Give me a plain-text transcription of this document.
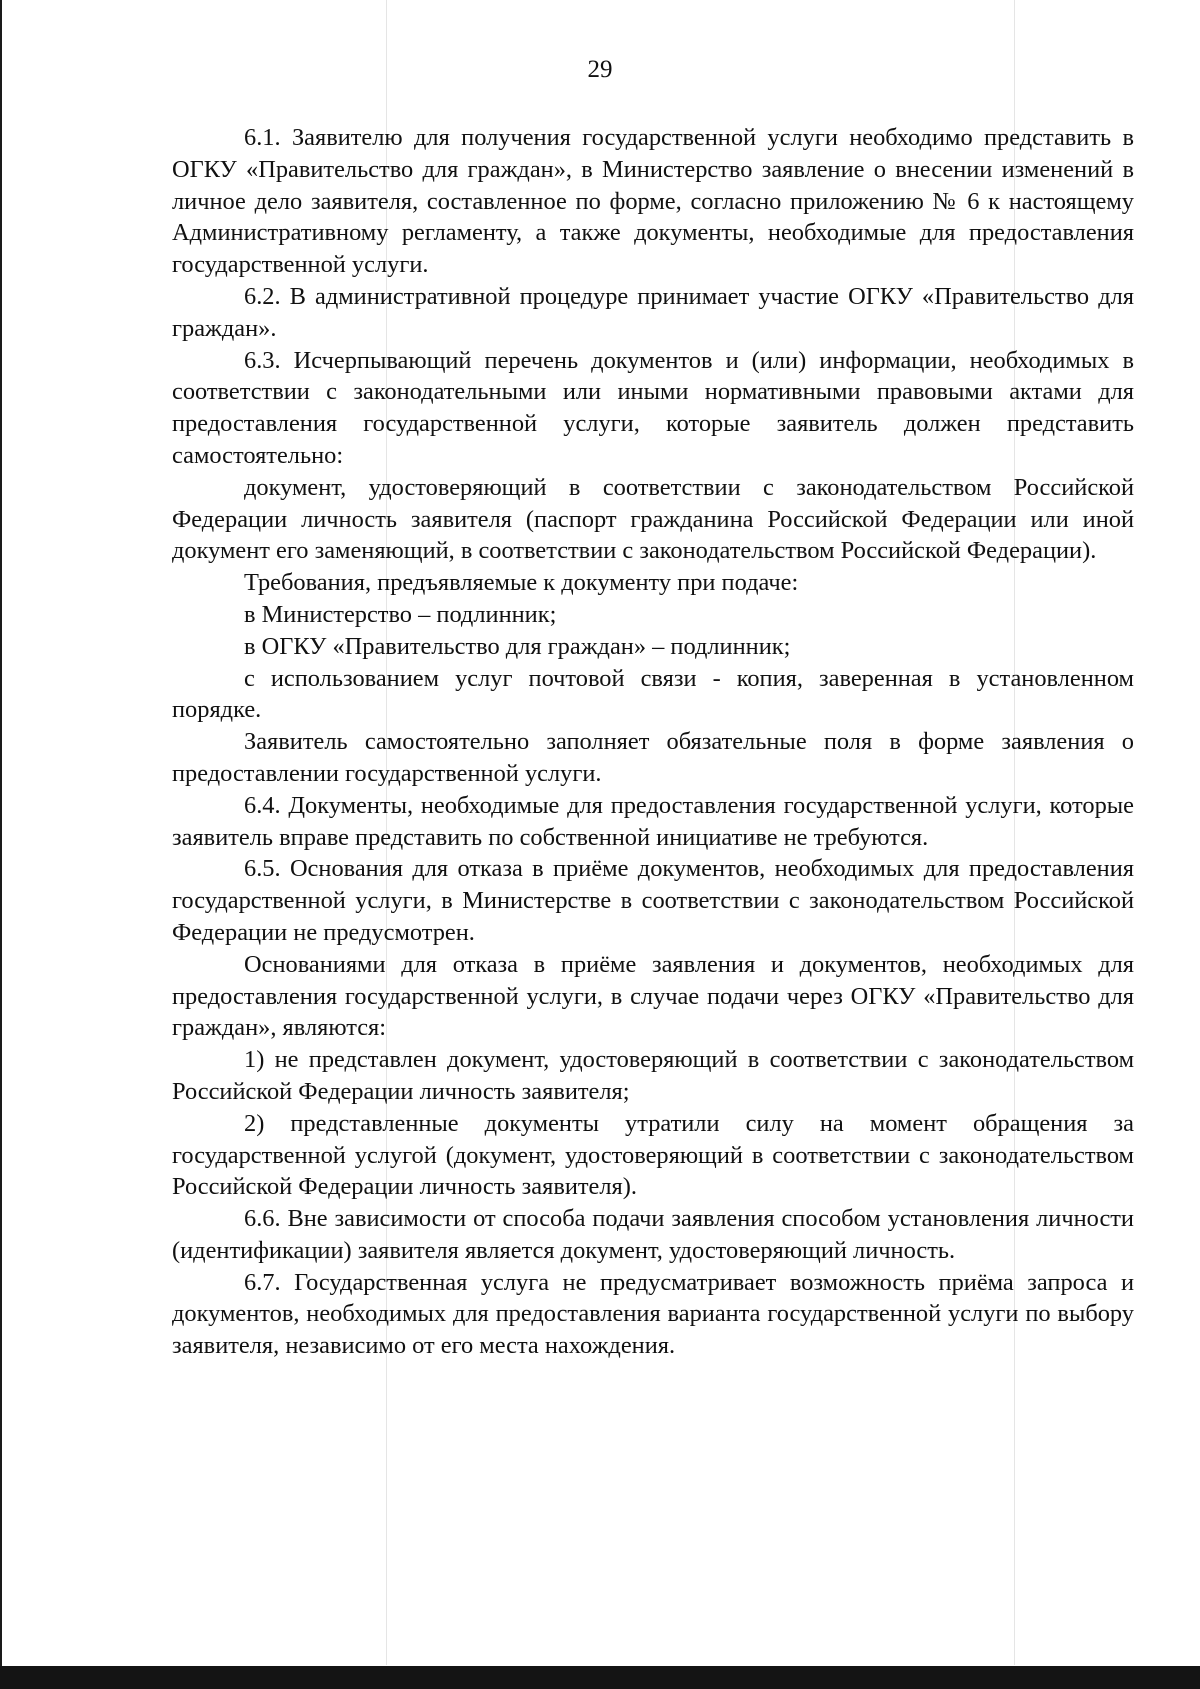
29

6.1. Заявителю для получения государственной услуги необходимо представить в ОГКУ «Правительство для граждан», в Министерство заявление о внесении изменений в личное дело заявителя, составленное по форме, согласно приложению № 6 к настоящему Административному регламенту, а также документы, необходимые для предоставления государственной услуги.

6.2. В административной процедуре принимает участие ОГКУ «Правительство для граждан».

6.3. Исчерпывающий перечень документов и (или) информации, необходимых в соответствии с законодательными или иными нормативными правовыми актами для предоставления государственной услуги, которые заявитель должен представить самостоятельно:

документ, удостоверяющий в соответствии с законодательством Российской Федерации личность заявителя (паспорт гражданина Российской Федерации или иной документ его заменяющий, в соответствии с законодательством Российской Федерации).

Требования, предъявляемые к документу при подаче:

в Министерство – подлинник;

в ОГКУ «Правительство для граждан» – подлинник;

с использованием услуг почтовой связи - копия, заверенная в установленном порядке.

Заявитель самостоятельно заполняет обязательные поля в форме заявления о предоставлении государственной услуги.

6.4. Документы, необходимые для предоставления государственной услуги, которые заявитель вправе представить по собственной инициативе не требуются.

6.5. Основания для отказа в приёме документов, необходимых для предоставления государственной услуги, в Министерстве в соответствии с законодательством Российской Федерации не предусмотрен.

Основаниями для отказа в приёме заявления и документов, необходимых для предоставления государственной услуги, в случае подачи через ОГКУ «Правительство для граждан», являются:

1) не представлен документ, удостоверяющий в соответствии с законодательством Российской Федерации личность заявителя;

2) представленные документы утратили силу на момент обращения за государственной услугой (документ, удостоверяющий в соответствии с законодательством Российской Федерации личность заявителя).

6.6. Вне зависимости от способа подачи заявления способом установления личности (идентификации) заявителя является документ, удостоверяющий личность.

6.7. Государственная услуга не предусматривает возможность приёма запроса и документов, необходимых для предоставления варианта государственной услуги по выбору заявителя, независимо от его места нахождения.
